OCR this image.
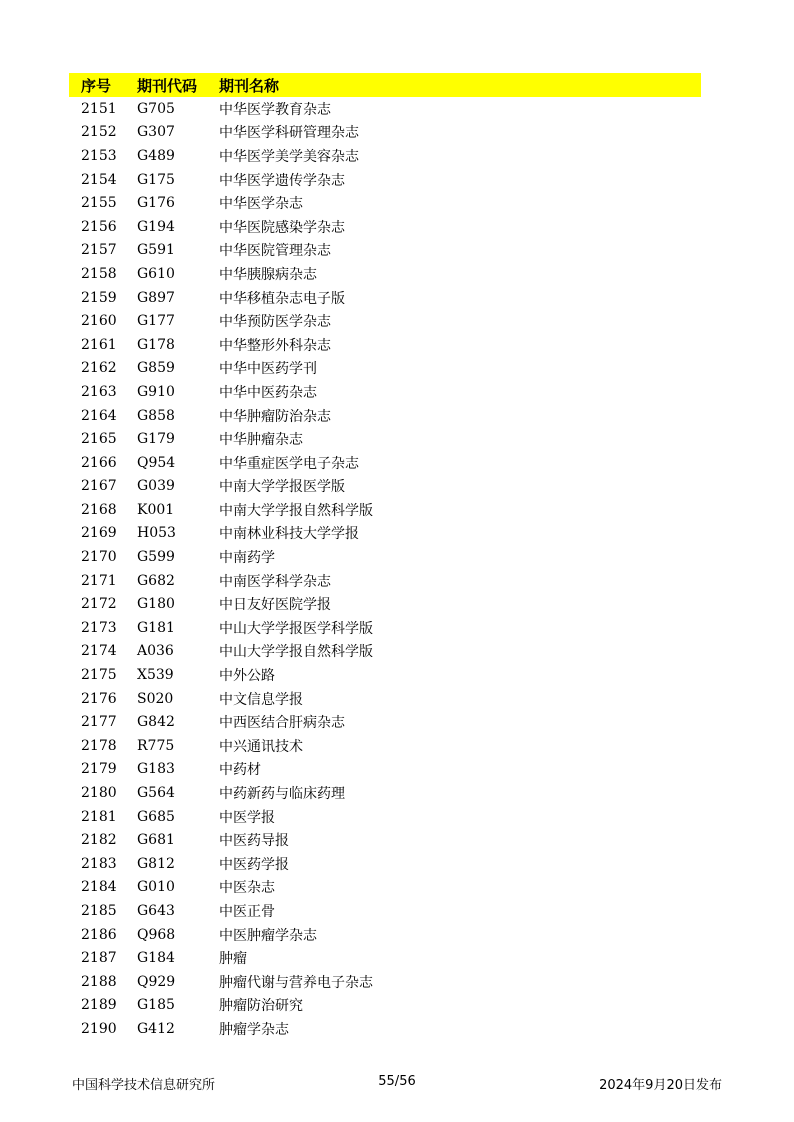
序号	期刊代码	期刊名称
2151	G705	中华医学教育杂志
2152	G307	中华医学科研管理杂志
2153	G489	中华医学美学美容杂志
2154	G175	中华医学遗传学杂志
2155	G176	中华医学杂志
2156	G194	中华医院感染学杂志
2157	G591	中华医院管理杂志
2158	G610	中华胰腺病杂志
2159	G897	中华移植杂志电子版
2160	G177	中华预防医学杂志
2161	G178	中华整形外科杂志
2162	G859	中华中医药学刊
2163	G910	中华中医药杂志
2164	G858	中华肿瘤防治杂志
2165	G179	中华肿瘤杂志
2166	Q954	中华重症医学电子杂志
2167	G039	中南大学学报医学版
2168	K001	中南大学学报自然科学版
2169	H053	中南林业科技大学学报
2170	G599	中南药学
2171	G682	中南医学科学杂志
2172	G180	中日友好医院学报
2173	G181	中山大学学报医学科学版
2174	A036	中山大学学报自然科学版
2175	X539	中外公路
2176	S020	中文信息学报
2177	G842	中西医结合肝病杂志
2178	R775	中兴通讯技术
2179	G183	中药材
2180	G564	中药新药与临床药理
2181	G685	中医学报
2182	G681	中医药导报
2183	G812	中医药学报
2184	G010	中医杂志
2185	G643	中医正骨
2186	Q968	中医肿瘤学杂志
2187	G184	肿瘤
2188	Q929	肿瘤代谢与营养电子杂志
2189	G185	肿瘤防治研究
2190	G412	肿瘤学杂志
中国科学技术信息研究所	55/56	2024年9月20日发布
